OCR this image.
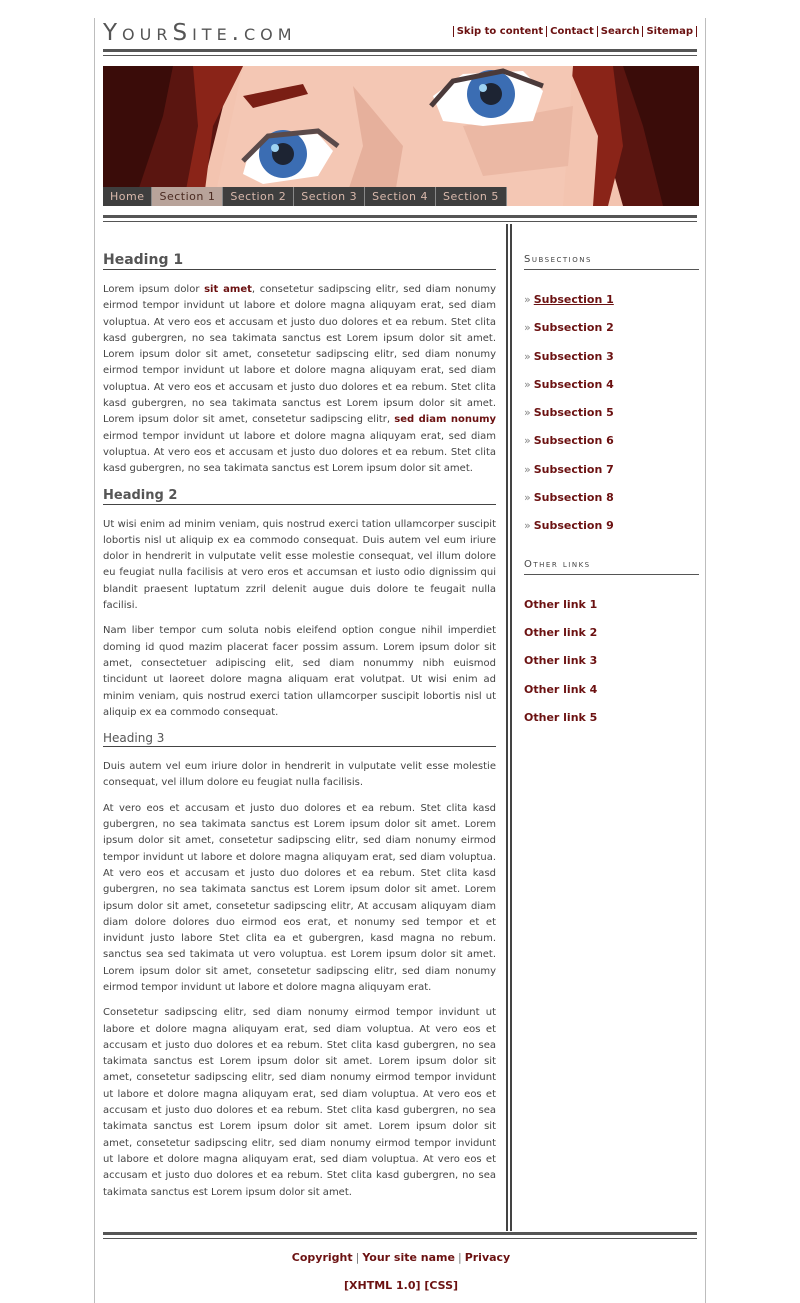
YourSite.com	Skip to content Contact Search Sitemap
Home	Section 1	Section 2	Section 3	Section 4	Section 5
Heading 1

Lorem ipsum dolor sit amet, consetetur sadipscing elitr, sed diam nonumy eirmod tempor invidunt ut labore et dolore magna aliquyam erat, sed diam voluptua. At vero eos et accusam et justo duo dolores et ea rebum. Stet clita kasd gubergren, no sea takimata sanctus est Lorem ipsum dolor sit amet. Lorem ipsum dolor sit amet, consetetur sadipscing elitr, sed diam nonumy eirmod tempor invidunt ut labore et dolore magna aliquyam erat, sed diam voluptua. At vero eos et accusam et justo duo dolores et ea rebum. Stet clita kasd gubergren, no sea takimata sanctus est Lorem ipsum dolor sit amet. Lorem ipsum dolor sit amet, consetetur sadipscing elitr, sed diam nonumy eirmod tempor invidunt ut labore et dolore magna aliquyam erat, sed diam voluptua. At vero eos et accusam et justo duo dolores et ea rebum. Stet clita kasd gubergren, no sea takimata sanctus est Lorem ipsum dolor sit amet.

Heading 2

Ut wisi enim ad minim veniam, quis nostrud exerci tation ullamcorper suscipit lobortis nisl ut aliquip ex ea commodo consequat. Duis autem vel eum iriure dolor in hendrerit in vulputate velit esse molestie consequat, vel illum dolore eu feugiat nulla facilisis at vero eros et accumsan et iusto odio dignissim qui blandit praesent luptatum zzril delenit augue duis dolore te feugait nulla facilisi.

Nam liber tempor cum soluta nobis eleifend option congue nihil imperdiet doming id quod mazim placerat facer possim assum. Lorem ipsum dolor sit amet, consectetuer adipiscing elit, sed diam nonummy nibh euismod tincidunt ut laoreet dolore magna aliquam erat volutpat. Ut wisi enim ad minim veniam, quis nostrud exerci tation ullamcorper suscipit lobortis nisl ut aliquip ex ea commodo consequat.

Heading 3

Duis autem vel eum iriure dolor in hendrerit in vulputate velit esse molestie consequat, vel illum dolore eu feugiat nulla facilisis.

At vero eos et accusam et justo duo dolores et ea rebum. Stet clita kasd gubergren, no sea takimata sanctus est Lorem ipsum dolor sit amet. Lorem ipsum dolor sit amet, consetetur sadipscing elitr, sed diam nonumy eirmod tempor invidunt ut labore et dolore magna aliquyam erat, sed diam voluptua. At vero eos et accusam et justo duo dolores et ea rebum. Stet clita kasd gubergren, no sea takimata sanctus est Lorem ipsum dolor sit amet. Lorem ipsum dolor sit amet, consetetur sadipscing elitr, At accusam aliquyam diam diam dolore dolores duo eirmod eos erat, et nonumy sed tempor et et invidunt justo labore Stet clita ea et gubergren, kasd magna no rebum. sanctus sea sed takimata ut vero voluptua. est Lorem ipsum dolor sit amet. Lorem ipsum dolor sit amet, consetetur sadipscing elitr, sed diam nonumy eirmod tempor invidunt ut labore et dolore magna aliquyam erat.

Consetetur sadipscing elitr, sed diam nonumy eirmod tempor invidunt ut labore et dolore magna aliquyam erat, sed diam voluptua. At vero eos et accusam et justo duo dolores et ea rebum. Stet clita kasd gubergren, no sea takimata sanctus est Lorem ipsum dolor sit amet. Lorem ipsum dolor sit amet, consetetur sadipscing elitr, sed diam nonumy eirmod tempor invidunt ut labore et dolore magna aliquyam erat, sed diam voluptua. At vero eos et accusam et justo duo dolores et ea rebum. Stet clita kasd gubergren, no sea takimata sanctus est Lorem ipsum dolor sit amet. Lorem ipsum dolor sit amet, consetetur sadipscing elitr, sed diam nonumy eirmod tempor invidunt ut labore et dolore magna aliquyam erat, sed diam voluptua. At vero eos et accusam et justo duo dolores et ea rebum. Stet clita kasd gubergren, no sea takimata sanctus est Lorem ipsum dolor sit amet.

Subsections
» Subsection 1
» Subsection 2
» Subsection 3
» Subsection 4
» Subsection 5
» Subsection 6
» Subsection 7
» Subsection 8
» Subsection 9
Other links
Other link 1
Other link 2
Other link 3
Other link 4
Other link 5
Copyright | Your site name | Privacy
[XHTML 1.0] [CSS]
